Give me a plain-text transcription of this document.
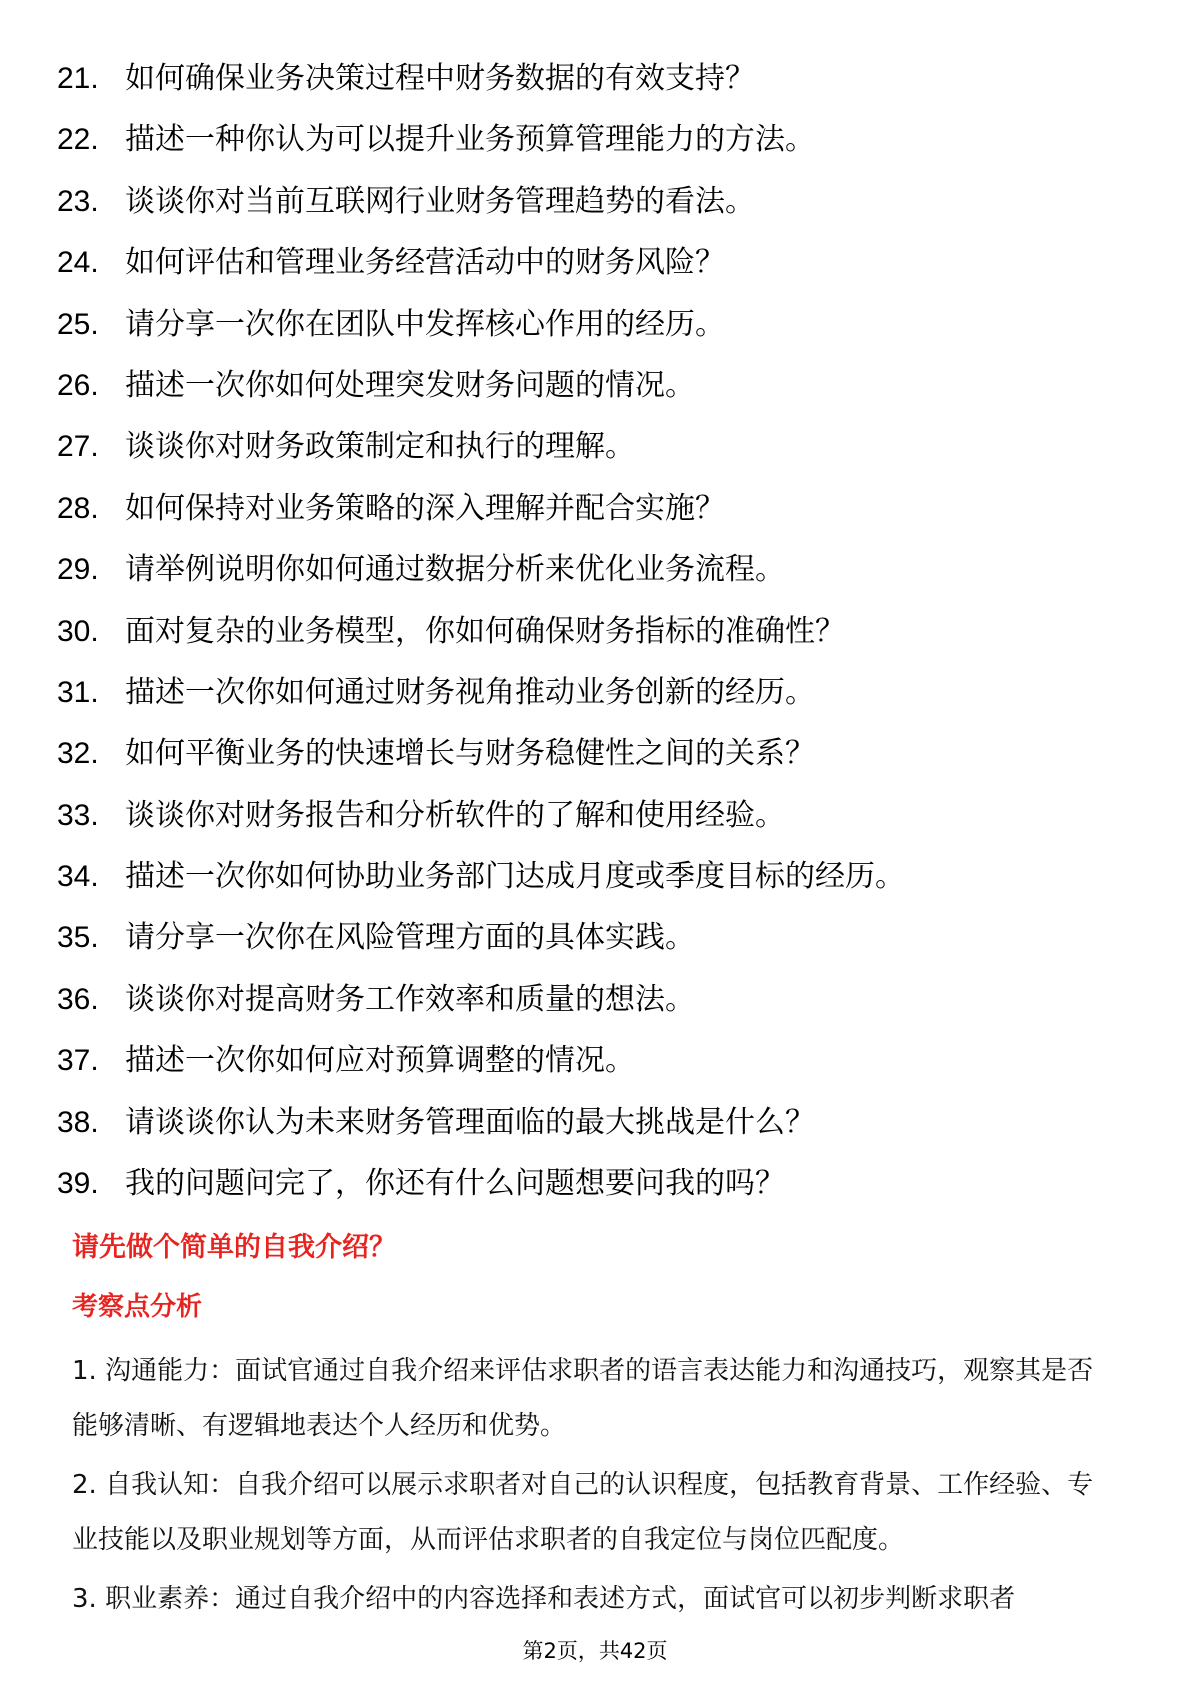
21. 如何确保业务决策过程中财务数据的有效支持？
22. 描述一种你认为可以提升业务预算管理能力的方法。
23. 谈谈你对当前互联网行业财务管理趋势的看法。
24. 如何评估和管理业务经营活动中的财务风险？
25. 请分享一次你在团队中发挥核心作用的经历。
26. 描述一次你如何处理突发财务问题的情况。
27. 谈谈你对财务政策制定和执行的理解。
28. 如何保持对业务策略的深入理解并配合实施？
29. 请举例说明你如何通过数据分析来优化业务流程。
30. 面对复杂的业务模型，你如何确保财务指标的准确性？
31. 描述一次你如何通过财务视角推动业务创新的经历。
32. 如何平衡业务的快速增长与财务稳健性之间的关系？
33. 谈谈你对财务报告和分析软件的了解和使用经验。
34. 描述一次你如何协助业务部门达成月度或季度目标的经历。
35. 请分享一次你在风险管理方面的具体实践。
36. 谈谈你对提高财务工作效率和质量的想法。
37. 描述一次你如何应对预算调整的情况。
38. 请谈谈你认为未来财务管理面临的最大挑战是什么？
39. 我的问题问完了，你还有什么问题想要问我的吗？
请先做个简单的自我介绍？
考察点分析

1. 沟通能力：面试官通过自我介绍来评估求职者的语言表达能力和沟通技巧，观察其是否能够清晰、有逻辑地表达个人经历和优势。

2. 自我认知：自我介绍可以展示求职者对自己的认识程度，包括教育背景、工作经验、专业技能以及职业规划等方面，从而评估求职者的自我定位与岗位匹配度。

3. 职业素养：通过自我介绍中的内容选择和表述方式，面试官可以初步判断求职者

第2页，共42页
